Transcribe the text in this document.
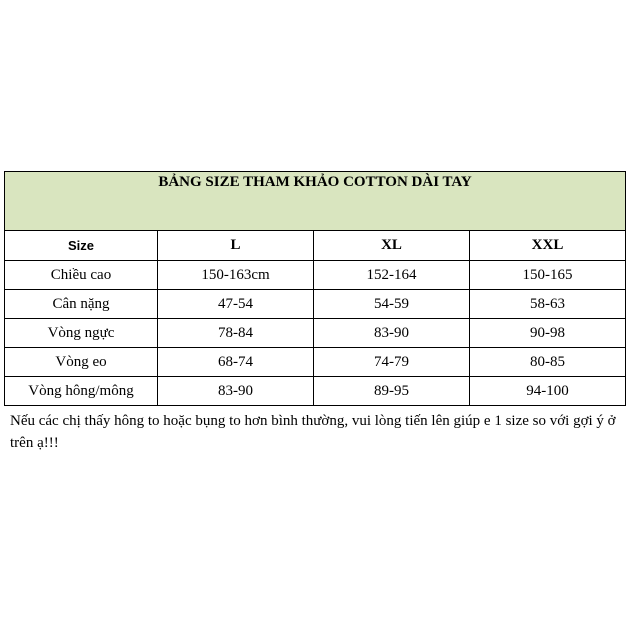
BẢNG SIZE THAM KHẢO COTTON DÀI TAY			
Size	L	XL	XXL
Chiều cao	150-163cm	152-164	150-165
Cân nặng	47-54	54-59	58-63
Vòng ngực	78-84	83-90	90-98
Vòng eo	68-74	74-79	80-85
Vòng hông/mông	83-90	89-95	94-100

Nếu các chị thấy hông to hoặc bụng to hơn bình thường, vui lòng tiến lên giúp e 1 size so với gợi ý ở trên ạ!!!
